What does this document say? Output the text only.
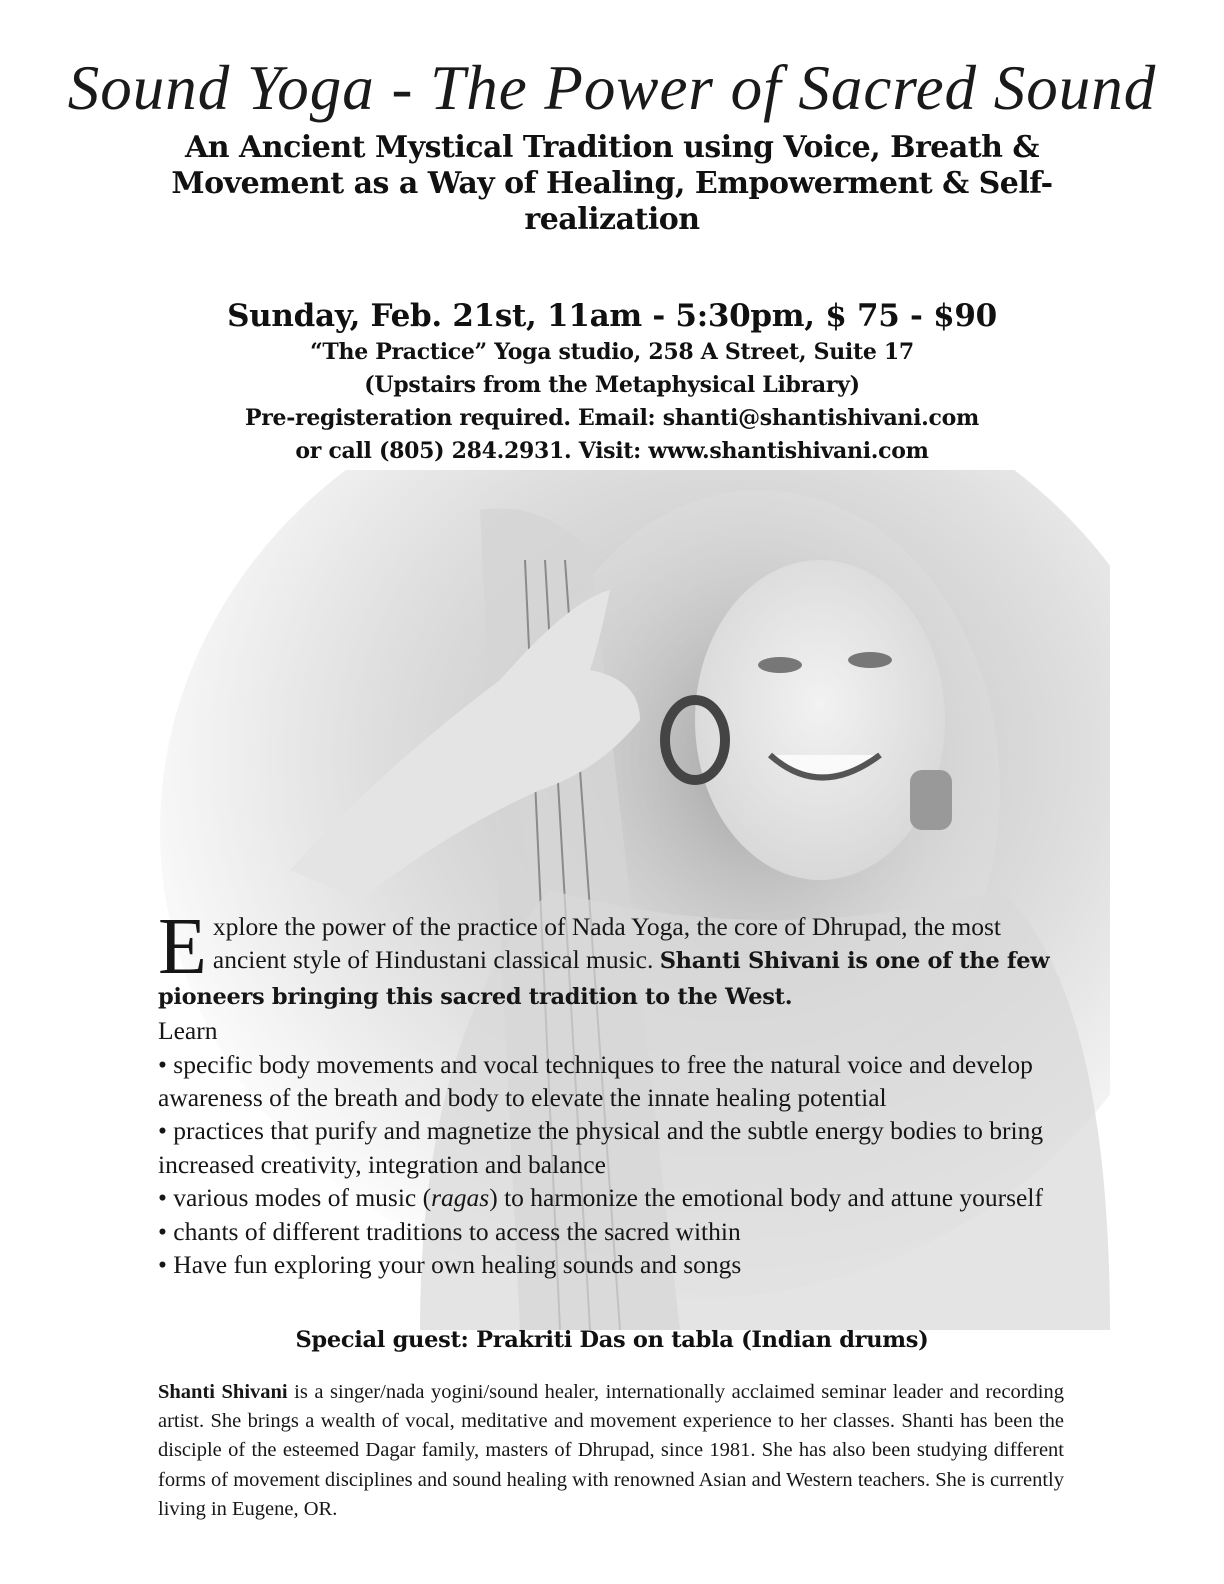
Sound Yoga - The Power of Sacred Sound
An Ancient Mystical Tradition using Voice, Breath &
Movement as a Way of Healing, Empowerment & Self-
realization
Sunday, Feb. 21st, 11am - 5:30pm, $ 75 - $90
“The Practice” Yoga studio, 258 A Street, Suite 17
(Upstairs from the Metaphysical Library)
Pre-registeration required. Email: shanti@shantishivani.com
or call (805) 284.2931. Visit: www.shantishivani.com

Explore the power of the practice of Nada Yoga, the core of Dhrupad, the most ancient style of Hindustani classical music. Shanti Shivani is one of the few pioneers bringing this sacred tradition to the West.

Learn

• specific body movements and vocal techniques to free the natural voice and develop awareness of the breath and body to elevate the innate healing potential

• practices that purify and magnetize the physical and the subtle energy bodies to bring increased creativity, integration and balance

• various modes of music (ragas) to harmonize the emotional body and attune yourself

• chants of different traditions to access the sacred within

• Have fun exploring your own healing sounds and songs

Special guest: Prakriti Das on tabla (Indian drums)
Shanti Shivani is a singer/nada yogini/sound healer, internationally acclaimed seminar leader and recording artist. She brings a wealth of vocal, meditative and movement experience to her classes. Shanti has been the disciple of the esteemed Dagar family, masters of Dhrupad, since 1981. She has also been studying different forms of movement disciplines and sound healing with renowned Asian and Western teachers. She is currently living in Eugene, OR.
